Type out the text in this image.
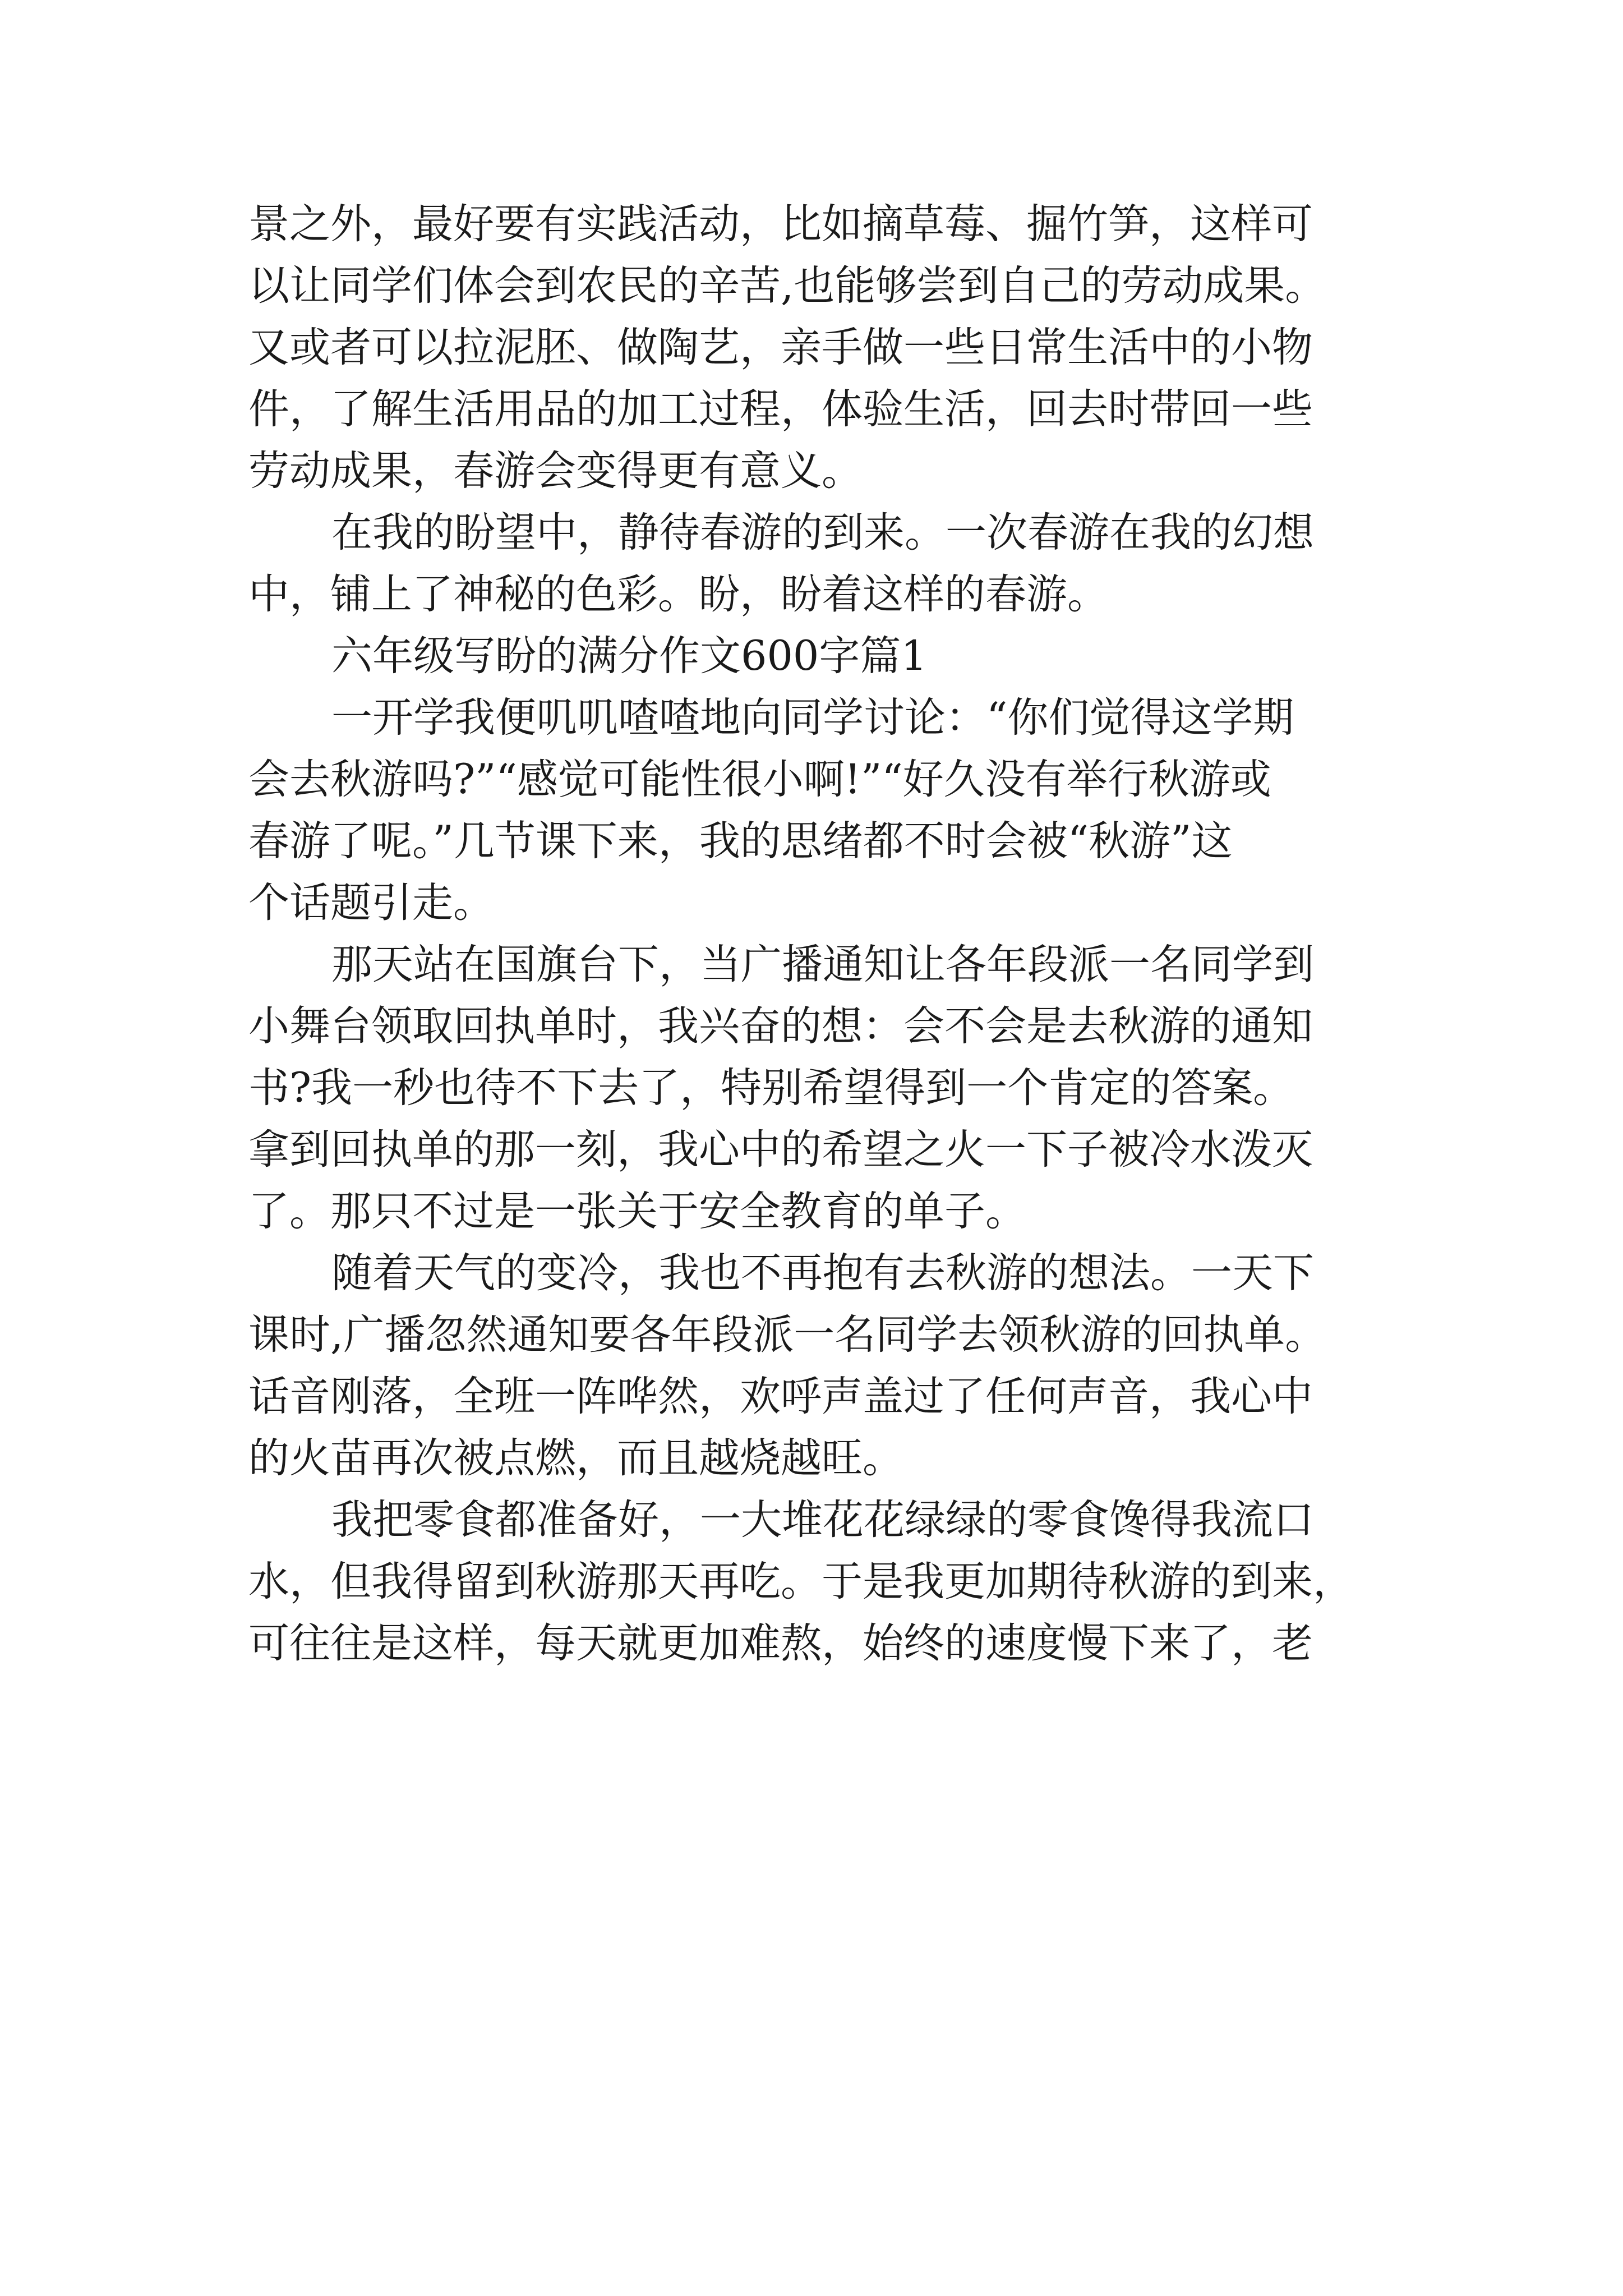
景之外，最好要有实践活动，比如摘草莓、掘竹笋，这样可
以让同学们体会到农民的辛苦,也能够尝到自己的劳动成果。
又或者可以拉泥胚、做陶艺，亲手做一些日常生活中的小物
件，了解生活用品的加工过程，体验生活，回去时带回一些
劳动成果，春游会变得更有意义。
在我的盼望中，静待春游的到来。一次春游在我的幻想
中，铺上了神秘的色彩。盼，盼着这样的春游。
六年级写盼的满分作文600字篇1
一开学我便叽叽喳喳地向同学讨论：“你们觉得这学期
会去秋游吗?”“感觉可能性很小啊!”“好久没有举行秋游或
春游了呢。”几节课下来，我的思绪都不时会被“秋游”这
个话题引走。
那天站在国旗台下，当广播通知让各年段派一名同学到
小舞台领取回执单时，我兴奋的想：会不会是去秋游的通知
书?我一秒也待不下去了，特别希望得到一个肯定的答案。
拿到回执单的那一刻，我心中的希望之火一下子被冷水泼灭
了。那只不过是一张关于安全教育的单子。
随着天气的变冷，我也不再抱有去秋游的想法。一天下
课时,广播忽然通知要各年段派一名同学去领秋游的回执单。
话音刚落，全班一阵哗然，欢呼声盖过了任何声音，我心中
的火苗再次被点燃，而且越烧越旺。
我把零食都准备好，一大堆花花绿绿的零食馋得我流口
水，但我得留到秋游那天再吃。于是我更加期待秋游的到来，
可往往是这样，每天就更加难熬，始终的速度慢下来了，老
